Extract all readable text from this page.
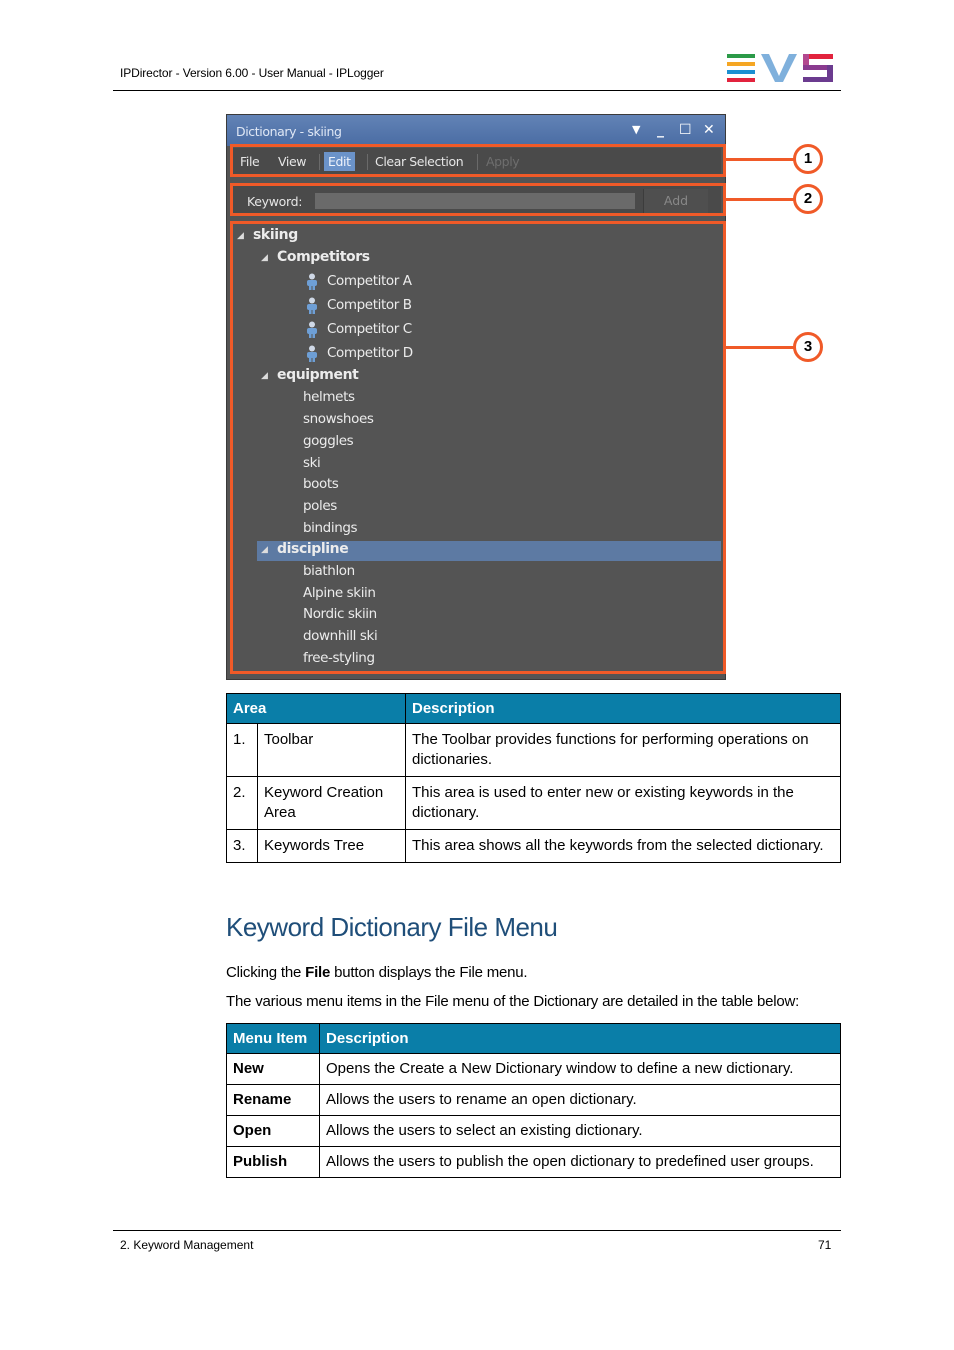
IPDirector - Version 6.00 - User Manual - IPLogger
Dictionary - skiing	▼ _ ☐ ✕
File View	Edit	Clear Selection Apply
Keyword:	Add
◢ skiing
◢ Competitors
Competitor A
Competitor B
Competitor C
Competitor D
◢ equipment
helmets
snowshoes
goggles
ski
boots
poles
bindings
◢ discipline
biathlon
Alpine skiin
Nordic skiin
downhill ski
free-styling
1
2
3
Area		Description
1.	Toolbar	The Toolbar provides functions for performing operations on dictionaries.
2.	Keyword Creation Area	This area is used to enter new or existing keywords in the dictionary.
3.	Keywords Tree	This area shows all the keywords from the selected dictionary.
Keyword Dictionary File Menu
Clicking the File button displays the File menu.
The various menu items in the File menu of the Dictionary are detailed in the table below:
Menu Item	Description
New	Opens the Create a New Dictionary window to define a new dictionary.
Rename	Allows the users to rename an open dictionary.
Open	Allows the users to select an existing dictionary.
Publish	Allows the users to publish the open dictionary to predefined user groups.
2. Keyword Management	71
